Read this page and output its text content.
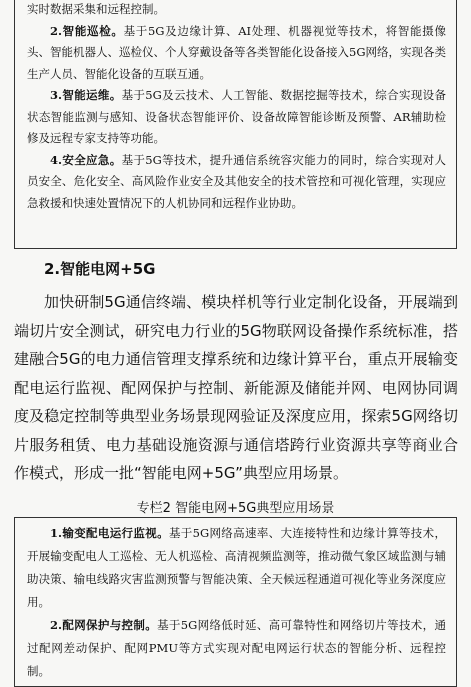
实时数据采集和远程控制。

2.智能巡检。基于5G及边缘计算、AI处理、机器视觉等技术，将智能摄像头、智能机器人、巡检仪、个人穿戴设备等各类智能化设备接入5G网络，实现各类生产人员、智能化设备的互联互通。

3.智能运维。基于5G及云技术、人工智能、数据挖掘等技术，综合实现设备状态智能监测与感知、设备状态智能评价、设备故障智能诊断及预警、AR辅助检修及远程专家支持等功能。

4.安全应急。基于5G等技术，提升通信系统容灾能力的同时，综合实现对人员安全、危化安全、高风险作业安全及其他安全的技术管控和可视化管理，实现应急救援和快速处置情况下的人机协同和远程作业协助。

2.智能电网+5G

加快研制5G通信终端、模块样机等行业定制化设备，开展端到端切片安全测试，研究电力行业的5G物联网设备操作系统标准，搭建融合5G的电力通信管理支撑系统和边缘计算平台，重点开展输变配电运行监视、配网保护与控制、新能源及储能并网、电网协同调度及稳定控制等典型业务场景现网验证及深度应用，探索5G网络切片服务租赁、电力基础设施资源与通信塔跨行业资源共享等商业合作模式，形成一批“智能电网+5G”典型应用场景。

专栏2 智能电网+5G典型应用场景

1.输变配电运行监视。基于5G网络高速率、大连接特性和边缘计算等技术，开展输变配电人工巡检、无人机巡检、高清视频监测等，推动微气象区域监测与辅助决策、输电线路灾害监测预警与智能决策、全天候远程通道可视化等业务深度应用。

2.配网保护与控制。基于5G网络低时延、高可靠特性和网络切片等技术，通过配网差动保护、配网PMU等方式实现对配电网运行状态的智能分析、远程控制。
